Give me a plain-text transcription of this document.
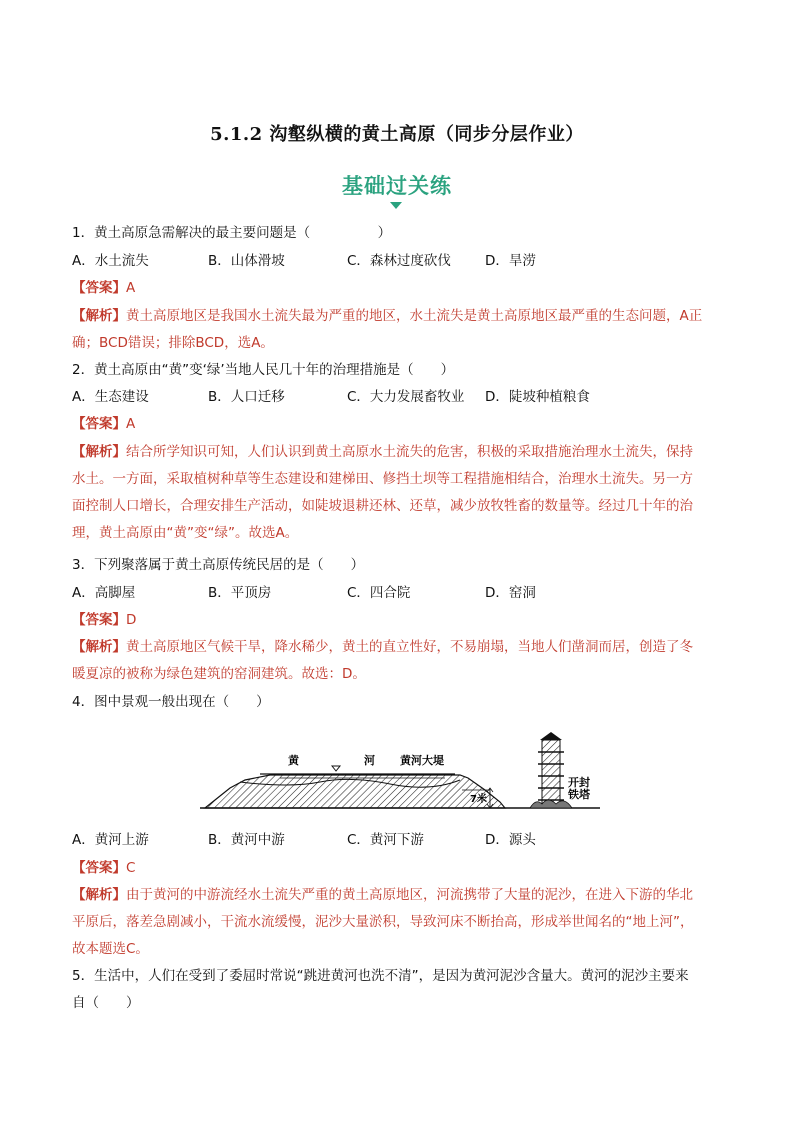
5.1.2 沟壑纵横的黄土高原（同步分层作业）
基础过关练
1．黄土高原急需解决的最主要问题是（　　　　　）
A．水土流失	B．山体滑坡	C．森林过度砍伐	D．旱涝
【答案】A
【解析】黄土高原地区是我国水土流失最为严重的地区，水土流失是黄土高原地区最严重的生态问题，A正
确；BCD错误；排除BCD，选A。
2．黄土高原由“黄”变‘绿’当地人民几十年的治理措施是（　　）
A．生态建设	B．人口迁移	C．大力发展畜牧业 D．陡坡种植粮食
【答案】A
【解析】结合所学知识可知，人们认识到黄土高原水土流失的危害，积极的采取措施治理水土流失，保持
水土。一方面，采取植树种草等生态建设和建梯田、修挡土坝等工程措施相结合，治理水土流失。另一方
面控制人口增长，合理安排生产活动，如陡坡退耕还林、还草，减少放牧牲畜的数量等。经过几十年的治
理，黄土高原由“黄”变“绿”。故选A。
3．下列聚落属于黄土高原传统民居的是（　　）
A．高脚屋	B．平顶房	C．四合院	D．窑洞
【答案】D
【解析】黄土高原地区气候干旱，降水稀少，黄土的直立性好，不易崩塌，当地人们凿洞而居，创造了冬
暖夏凉的被称为绿色建筑的窑洞建筑。故选：D。
4．图中景观一般出现在（　　）
黄	河 黄河大堤
7米
开封
铁塔
A．黄河上游	B．黄河中游	C．黄河下游	D．源头
【答案】C
【解析】由于黄河的中游流经水土流失严重的黄土高原地区，河流携带了大量的泥沙，在进入下游的华北
平原后，落差急剧减小，干流水流缓慢，泥沙大量淤积，导致河床不断抬高，形成举世闻名的“地上河”，
故本题选C。
5．生活中，人们在受到了委屈时常说“跳进黄河也洗不清”，是因为黄河泥沙含量大。黄河的泥沙主要来
自（　　）
